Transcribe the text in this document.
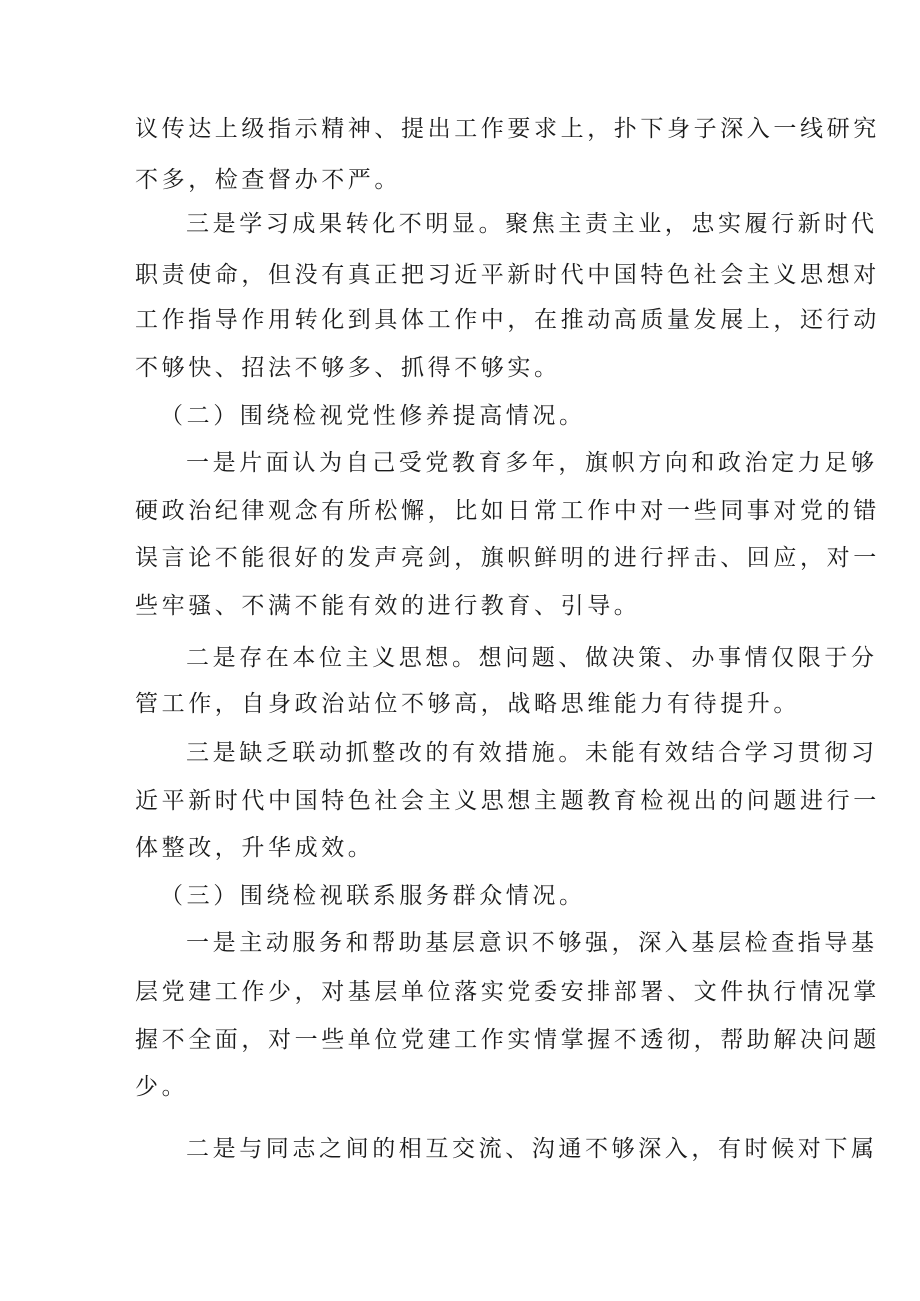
议传达上级指示精神、提出工作要求上，扑下身子深入一线研究
不多，检查督办不严。
三是学习成果转化不明显。聚焦主责主业，忠实履行新时代
职责使命，但没有真正把习近平新时代中国特色社会主义思想对
工作指导作用转化到具体工作中，在推动高质量发展上，还行动
不够快、招法不够多、抓得不够实。
（二）围绕检视党性修养提高情况。
一是片面认为自己受党教育多年，旗帜方向和政治定力足够
硬政治纪律观念有所松懈，比如日常工作中对一些同事对党的错
误言论不能很好的发声亮剑，旗帜鲜明的进行抨击、回应，对一
些牢骚、不满不能有效的进行教育、引导。
二是存在本位主义思想。想问题、做决策、办事情仅限于分
管工作，自身政治站位不够高，战略思维能力有待提升。
三是缺乏联动抓整改的有效措施。未能有效结合学习贯彻习
近平新时代中国特色社会主义思想主题教育检视出的问题进行一
体整改，升华成效。
（三）围绕检视联系服务群众情况。
一是主动服务和帮助基层意识不够强，深入基层检查指导基
层党建工作少，对基层单位落实党委安排部署、文件执行情况掌
握不全面，对一些单位党建工作实情掌握不透彻，帮助解决问题
少。
二是与同志之间的相互交流、沟通不够深入，有时候对下属
